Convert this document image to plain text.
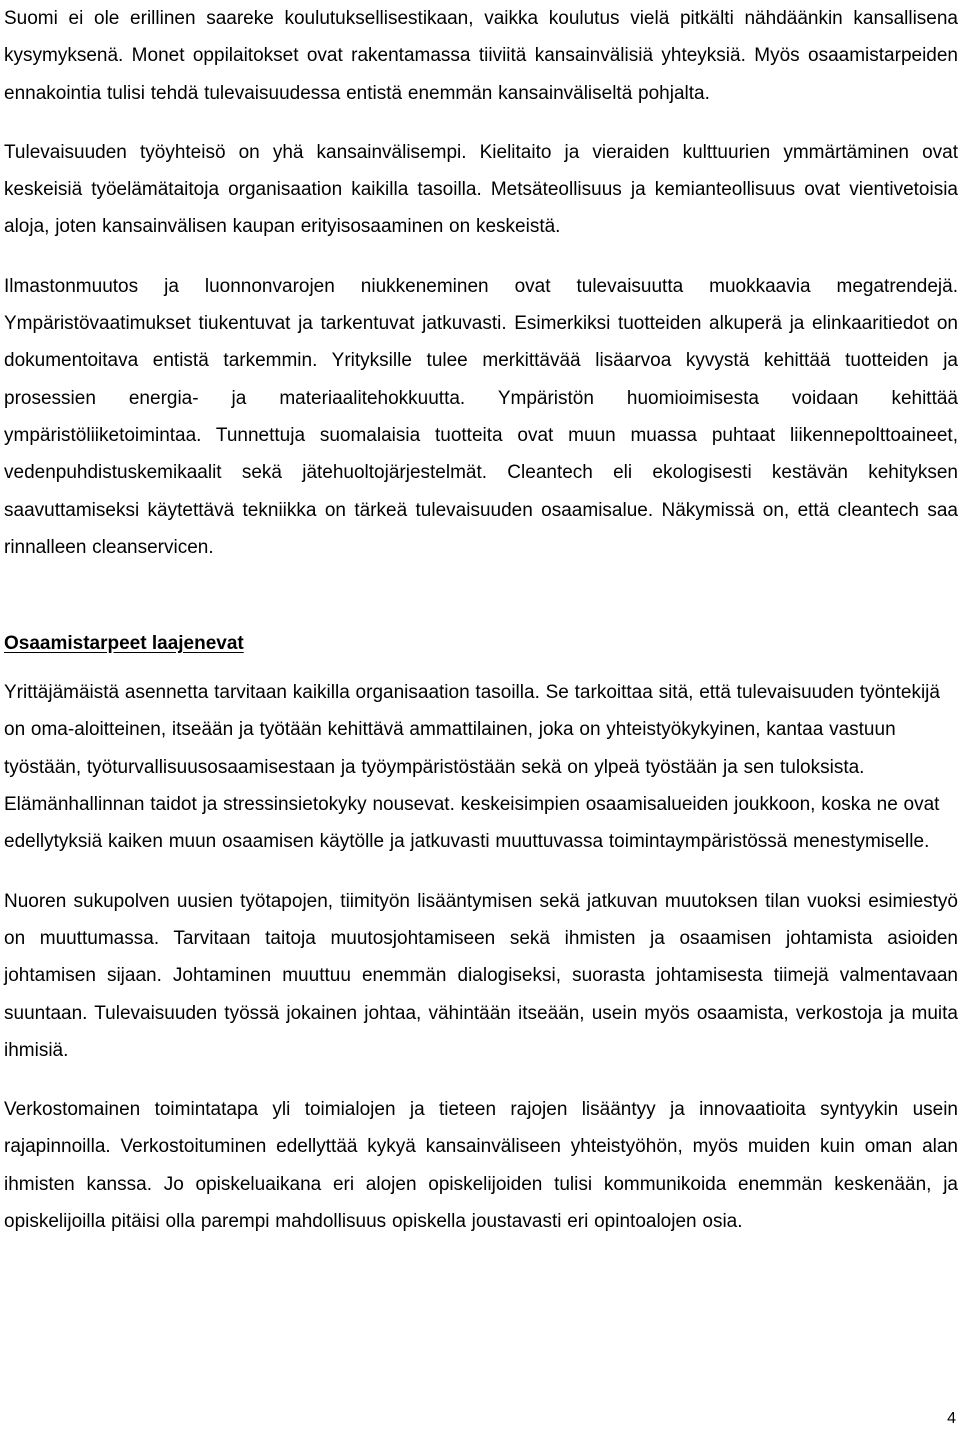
Suomi ei ole erillinen saareke koulutuksellisestikaan, vaikka koulutus vielä pitkälti nähdäänkin kansallisena kysymyksenä. Monet oppilaitokset ovat rakentamassa tiiviitä kansainvälisiä yhteyksiä. Myös osaamistarpeiden ennakointia tulisi tehdä tulevaisuudessa entistä enemmän kansainväliseltä pohjalta.

Tulevaisuuden työyhteisö on yhä kansainvälisempi. Kielitaito ja vieraiden kulttuurien ymmärtäminen ovat keskeisiä työelämätaitoja organisaation kaikilla tasoilla. Metsäteollisuus ja kemianteollisuus ovat vientivetoisia aloja, joten kansainvälisen kaupan erityisosaaminen on keskeistä.

Ilmastonmuutos ja luonnonvarojen niukkeneminen ovat tulevaisuutta muokkaavia megatrendejä. Ympäristövaatimukset tiukentuvat ja tarkentuvat jatkuvasti. Esimerkiksi tuotteiden alkuperä ja elinkaaritiedot on dokumentoitava entistä tarkemmin. Yrityksille tulee merkittävää lisäarvoa kyvystä kehittää tuotteiden ja prosessien energia- ja materiaalitehokkuutta. Ympäristön huomioimisesta voidaan kehittää ympäristöliiketoimintaa. Tunnettuja suomalaisia tuotteita ovat muun muassa puhtaat liikennepolttoaineet, vedenpuhdistuskemikaalit sekä jätehuoltojärjestelmät. Cleantech eli ekologisesti kestävän kehityksen saavuttamiseksi käytettävä tekniikka on tärkeä tulevaisuuden osaamisalue. Näkymissä on, että cleantech saa rinnalleen cleanservicen.

Osaamistarpeet laajenevat

Yrittäjämäistä asennetta tarvitaan kaikilla organisaation tasoilla. Se tarkoittaa sitä, että tulevaisuuden työntekijä on oma-aloitteinen, itseään ja työtään kehittävä ammattilainen, joka on yhteistyökykyinen, kantaa vastuun työstään, työturvallisuusosaamisestaan ja työympäristöstään sekä on ylpeä työstään ja sen tuloksista. Elämänhallinnan taidot ja stressinsietokyky nousevat. keskeisimpien osaamisalueiden joukkoon, koska ne ovat edellytyksiä kaiken muun osaamisen käytölle ja jatkuvasti muuttuvassa toimintaympäristössä menestymiselle.

Nuoren sukupolven uusien työtapojen, tiimityön lisääntymisen sekä jatkuvan muutoksen tilan vuoksi esimiestyö on muuttumassa. Tarvitaan taitoja muutosjohtamiseen sekä ihmisten ja osaamisen johtamista asioiden johtamisen sijaan. Johtaminen muuttuu enemmän dialogiseksi, suorasta johtamisesta tiimejä valmentavaan suuntaan. Tulevaisuuden työssä jokainen johtaa, vähintään itseään, usein myös osaamista, verkostoja ja muita ihmisiä.

Verkostomainen toimintatapa yli toimialojen ja tieteen rajojen lisääntyy ja innovaatioita syntyykin usein rajapinnoilla. Verkostoituminen edellyttää kykyä kansainväliseen yhteistyöhön, myös muiden kuin oman alan ihmisten kanssa. Jo opiskeluaikana eri alojen opiskelijoiden tulisi kommunikoida enemmän keskenään, ja opiskelijoilla pitäisi olla parempi mahdollisuus opiskella joustavasti eri opintoalojen osia.

4
